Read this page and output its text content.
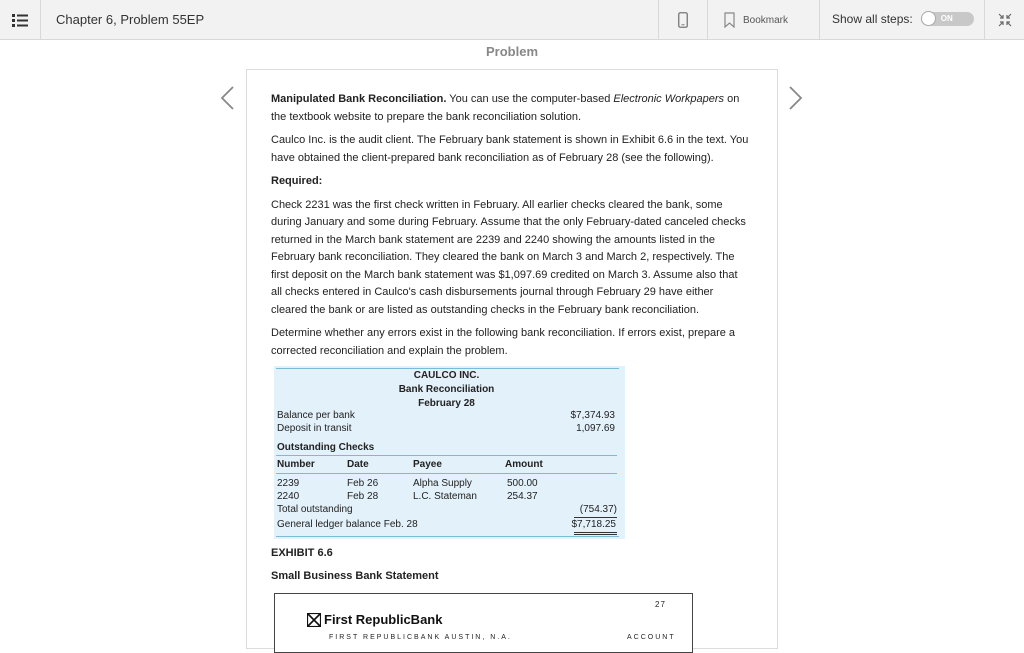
Chapter 6, Problem 55EP	Bookmark	Show all steps:	ON
Problem

Manipulated Bank Reconciliation. You can use the computer-based Electronic Workpapers on the textbook website to prepare the bank reconciliation solution.

Caulco Inc. is the audit client. The February bank statement is shown in Exhibit 6.6 in the text. You have obtained the client-prepared bank reconciliation as of February 28 (see the following).

Required:

Check 2231 was the first check written in February. All earlier checks cleared the bank, some during January and some during February. Assume that the only February-dated canceled checks returned in the March bank statement are 2239 and 2240 showing the amounts listed in the February bank reconciliation. They cleared the bank on March 3 and March 2, respectively. The first deposit on the March bank statement was $1,097.69 credited on March 3. Assume also that all checks entered in Caulco's cash disbursements journal through February 29 have either cleared the bank or are listed as outstanding checks in the February bank reconciliation.

Determine whether any errors exist in the following bank reconciliation. If errors exist, prepare a corrected reconciliation and explain the problem.

CAULCO INC.
Bank Reconciliation
February 28
Balance per bank	$7,374.93
Deposit in transit	1,097.69
Outstanding Checks
Number	Date	Payee	Amount
2239	Feb 26	Alpha Supply	500.00
2240	Feb 28	L.C. Stateman	254.37
Total outstanding	(754.37)
General ledger balance Feb. 28	$7,718.25
EXHIBIT 6.6
Small Business Bank Statement
27
First RepublicBank
FIRST REPUBLICBANK AUSTIN, N.A.	ACCOUNT
